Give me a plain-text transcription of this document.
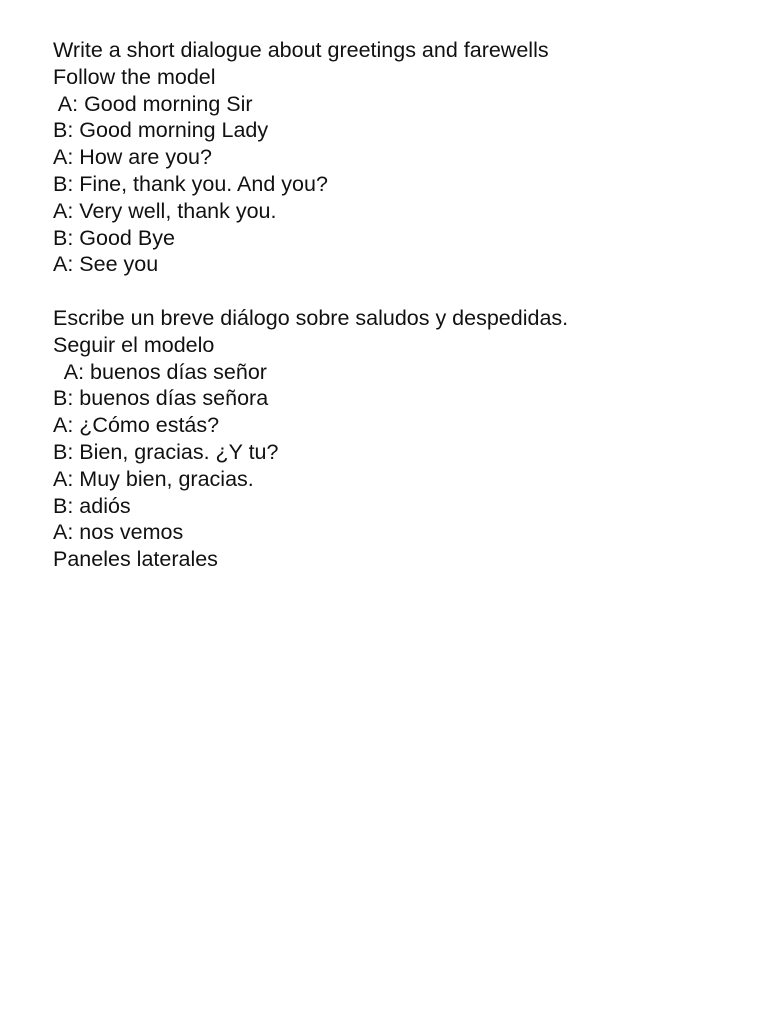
Write a short dialogue about greetings and farewells
Follow the model
A: Good morning Sir
B: Good morning Lady
A: How are you?
B: Fine, thank you. And you?
A: Very well, thank you.
B: Good Bye
A: See you
Escribe un breve diálogo sobre saludos y despedidas.
Seguir el modelo
A: buenos días señor
B: buenos días señora
A: ¿Cómo estás?
B: Bien, gracias. ¿Y tu?
A: Muy bien, gracias.
B: adiós
A: nos vemos
Paneles laterales
